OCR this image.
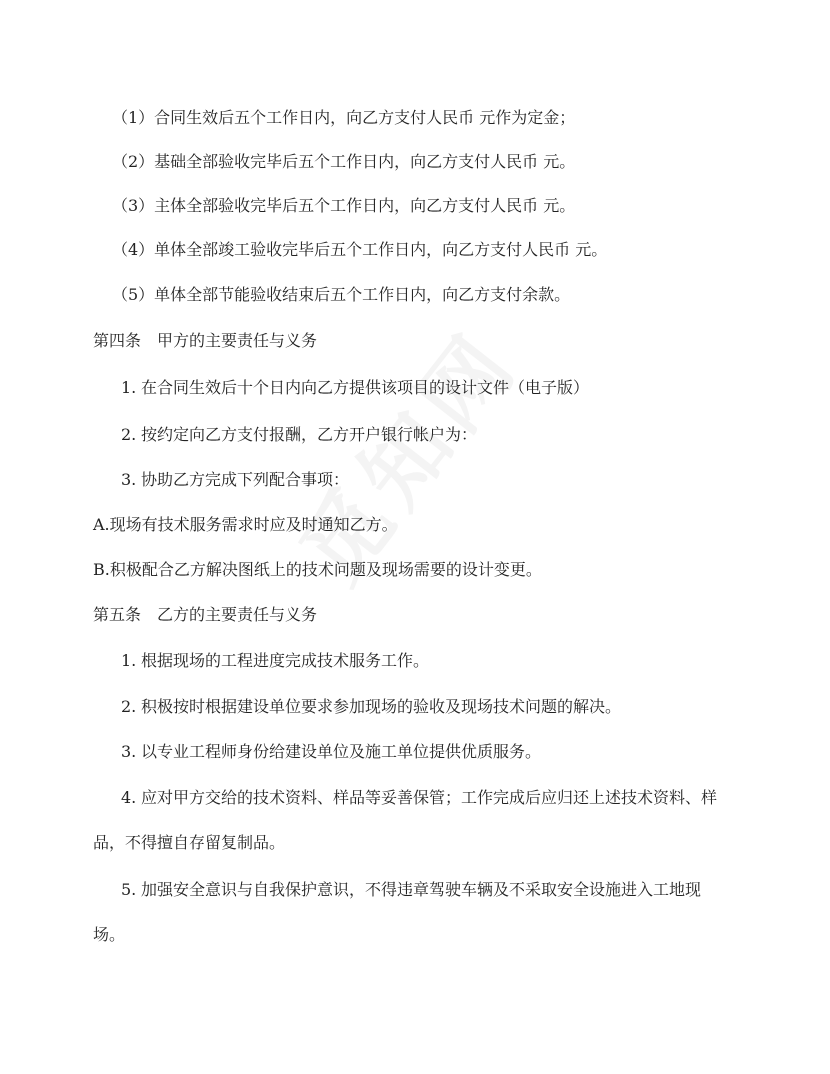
（1）合同生效后五个工作日内，向乙方支付人民币 元作为定金；
（2）基础全部验收完毕后五个工作日内，向乙方支付人民币 元。
（3）主体全部验收完毕后五个工作日内，向乙方支付人民币 元。
（4）单体全部竣工验收完毕后五个工作日内，向乙方支付人民币 元。
（5）单体全部节能验收结束后五个工作日内，向乙方支付余款。
第四条　甲方的主要责任与义务
1. 在合同生效后十个日内向乙方提供该项目的设计文件（电子版）
2. 按约定向乙方支付报酬，乙方开户银行帐户为：
3. 协助乙方完成下列配合事项：
A.现场有技术服务需求时应及时通知乙方。
B.积极配合乙方解决图纸上的技术问题及现场需要的设计变更。
第五条　乙方的主要责任与义务
1. 根据现场的工程进度完成技术服务工作。
2. 积极按时根据建设单位要求参加现场的验收及现场技术问题的解决。
3. 以专业工程师身份给建设单位及施工单位提供优质服务。
4. 应对甲方交给的技术资料、样品等妥善保管；工作完成后应归还上述技术资料、样
品，不得擅自存留复制品。
5. 加强安全意识与自我保护意识，不得违章驾驶车辆及不采取安全设施进入工地现
场。
